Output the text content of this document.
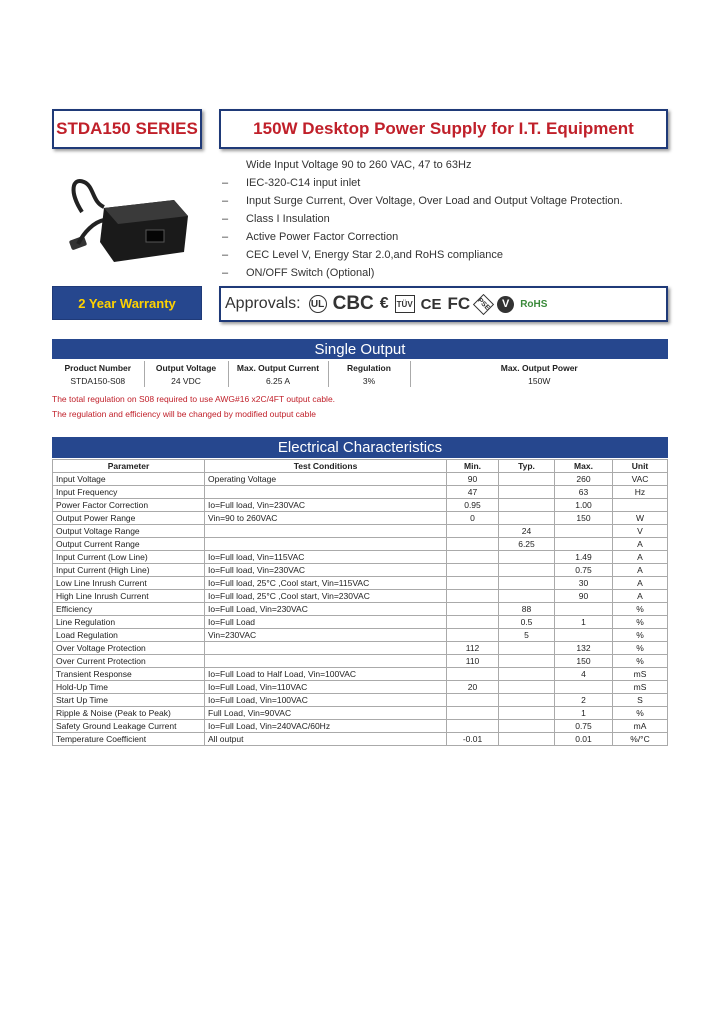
STDA150 SERIES	150W Desktop Power Supply for I.T. Equipment
Wide Input Voltage 90 to 260 VAC, 47 to 63Hz
–	IEC-320-C14 input inlet
–	Input Surge Current, Over Voltage, Over Load and Output Voltage Protection.
–	Class I Insulation
–	Active Power Factor Correction
–	CEC Level V, Energy Star 2.0,and RoHS compliance
–	ON/OFF Switch (Optional)
2 Year Warranty	Approvals: UL CBC € TÜV CE FC PSE V	RoHS
Single Output
Product Number	Output Voltage	Max. Output Current	Regulation	Max. Output Power
STDA150-S08	24 VDC	6.25 A	3%	150W
The total regulation on S08 required to use AWG#16 x2C/4FT output cable.
The regulation and efficiency will be changed by modified output cable
Electrical Characteristics
Parameter	Test Conditions	Min.	Typ.	Max.	Unit
Input Voltage	Operating Voltage	90		260	VAC
Input Frequency		47		63	Hz
Power Factor Correction	Io=Full load, Vin=230VAC	0.95		1.00	
Output Power Range	Vin=90 to 260VAC	0		150	W
Output Voltage Range			24		V
Output Current Range			6.25		A
Input Current (Low Line)	Io=Full load, Vin=115VAC			1.49	A
Input Current (High Line)	Io=Full load, Vin=230VAC			0.75	A
Low Line Inrush Current	Io=Full load, 25°C ,Cool start, Vin=115VAC			30	A
High Line Inrush Current	Io=Full load, 25°C ,Cool start, Vin=230VAC			90	A
Efficiency	Io=Full Load, Vin=230VAC		88		%
Line Regulation	Io=Full Load		0.5	1	%
Load Regulation	Vin=230VAC		5		%
Over Voltage Protection		112		132	%
Over Current Protection		110		150	%
Transient Response	Io=Full Load to Half Load, Vin=100VAC			4	mS
Hold-Up Time	Io=Full Load, Vin=110VAC	20			mS
Start Up Time	Io=Full Load, Vin=100VAC			2	S
Ripple & Noise (Peak to Peak)	Full Load, Vin=90VAC			1	%
Safety Ground Leakage Current	Io=Full Load, Vin=240VAC/60Hz			0.75	mA
Temperature Coefficient	All output	-0.01		0.01	%/°C
